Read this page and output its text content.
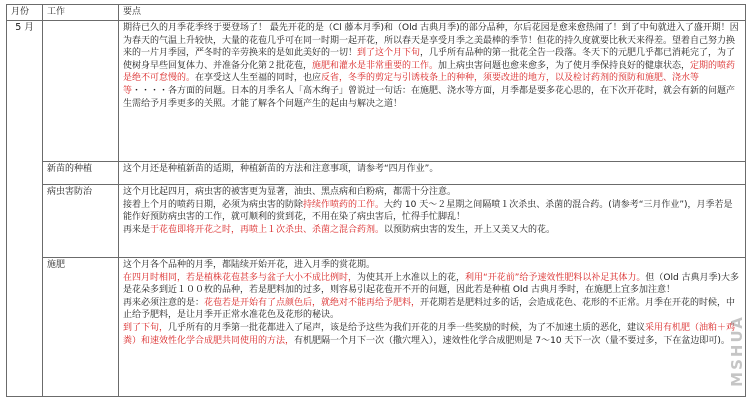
月份	工作	要点
5 月		期待已久的月季花季终于要登场了！ 最先开花的是（Cl 藤本月季)和（Old 古典月季)的部分品种，尔后花园是愈来愈热闹了！到了中旬就进入了盛开期！因为春天的气温上升较快，大量的花苞几乎可在同一时期一起开花，所以春天是享受月季之美最棒的季节！但花的持久度就要比秋天来得差。望着自己努力换来的一片月季园，严冬时的辛劳换来的是如此美好的一切！到了这个月下旬，几乎所有品种的第一批花全告一段落。冬天下的元肥几乎都已消耗完了，为了使树身早些回复体力、并准备分化第２批花苞，施肥和灌水是非常重要的工作。加上病虫害问题也愈来愈多，为了使月季保持良好的健康状态，定期的喷药是绝不可怠慢的。在享受这人生至福的同时，也应反省，冬季的剪定与引诱枝条上的种种，须要改进的地方，以及检讨药剂的预防和施肥、浇水等等・・・・各方面的问题。日本的月季名人「高木绚子」曾说过一句话：在施肥、浇水等方面，月季都是要多花心思的，在下次开花时，就会有新的问题产生需给予月季更多的关照。才能了解各个问题产生的起由与解决之道！
	新苗的种植	这个月还是种植新苗的适期，种植新苗的方法和注意事项，请参考“四月作业”。
	病虫害防治	这个月比起四月，病虫害的被害更为显著，油虫、黑点病和白粉病，都需十分注意。
接着上个月的喷药日期，必须为病虫害的防除持续作喷药的工作。大约 10 天～２星期之间隔喷１次杀虫、杀菌的混合药。(请参考“三月作业”)，月季若是能作好预防病虫害的工作，就可顺利的赏到花，不用在染了病虫害后，忙得手忙脚乱！
再来是于花苞即将开花之时，再喷上１次杀虫、杀菌之混合药剂。以预防病虫害的发生，开上又美又大的花。
	施肥	这个月各个品种的月季，都陆续开始开花，进入月季的赏花期。
在四月时相同，若是植株花苞甚多与盆子大小不成比例时，为使其开上水准以上的花，利用“开花前”给予速效性肥料以补足其体力。但（Old 古典月季)大多是花朵多到近１００枚的品种，若是肥料加的过多，则容易引起花苞开不开的问题，因此若是种植 Old 古典月季时，在施肥上宜多加注意！
再来必须注意的是：花苞若是开始有了点颜色后，就绝对不能再给予肥料，开花期若是肥料过多的话，会造成花色、花形的不正常。月季在开花的时候，中止给予肥料，是让月季开正常水准花色及花形的秘诀。
到了下旬，几乎所有的月季第一批花都进入了尾声，该是给予这些为我们开花的月季一些奖励的时候，为了不加速土质的恶化，建议采用有机肥（油粕＋鸡粪）和速效性化学合成肥共同使用的方法，有机肥隔一个月下一次（撒穴埋入），速效性化学合成肥则是 7～10 天下一次（量不要过多，下在盆边即可)。
MSHUA
